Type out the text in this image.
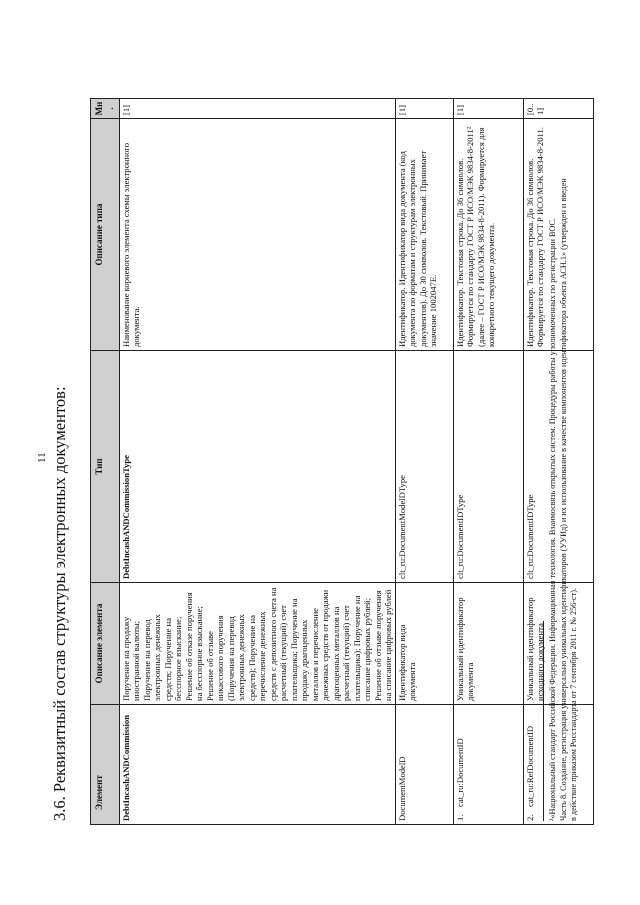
11 3.6. Реквизитный состав структуры электронных документов:	Элемент	Описание элемента	Тип	Описание типа	Мн.
DebtIncashANDCommission	Поручение на продажу иностранной валюты; Поручение на перевод электронных денежных средств; Поручение на бесспорное взыскание; Решение об отказе поручения на бесспорное взыскание; Решение об отзыве инкассового поручения (Поручения на перевод электронных денежных средств); Поручение на перечисление денежных средств с депозитного счета на расчетный (текущий) счет плательщика; Поручение на продажу драгоценных металлов и перечисление денежных средств от продажи драгоценных металлов на расчетный (текущий) счет плательщика); Поручение на списание цифровых рублей; Решение об отзыве поручения на списание цифровых рублей	DebtIncashANDCommissionType	Наименование корневого элемента схемы электронного документа.	[1]
DocumentModelD	Идентификатор вида документа	clt_ru:DocumentModelDType	Идентификатор. Идентификатор вида документа (код документа по форматам и структурам электронных документов). До 30 символов. Текстовый. Принимает значение 1002047E.	[1]
1.cat_ru:DocumentID	Уникальный идентификатор документа	clt_ru:DocumentIDType	Идентификатор. Текстовая строка. До 36 символов. Формируется по стандарту ГОСТ Р ИСО/МЭК 9834-8-2011² (далее – ГОСТ Р ИСО/МЭК 9834-8-2011). Формируется для конкретного текущего документа.	[1]
2.cat_ru:RefDocumentID	Уникальный идентификатор исходного документа	clt_ru:DocumentIDType	Идентификатор. Текстовая строка. До 36 символов. Формируется по стандарту ГОСТ Р ИСО/МЭК 9834-8-2011.	[0..1]
²«Национальный стандарт Российской Федерации. Информационная технология. Взаимосвязь открытых систем. Процедуры работы уполномоченных по регистрации ВОС. Часть 8. Создание, регистрация универсально уникальных идентификаторов (УУИд) и их использование в качестве компонентов идентификатора объекта АСН.1» (утвержден и введен в действие приказом Росстандарта от 7 сентября 2011 г. № 256-ст).
